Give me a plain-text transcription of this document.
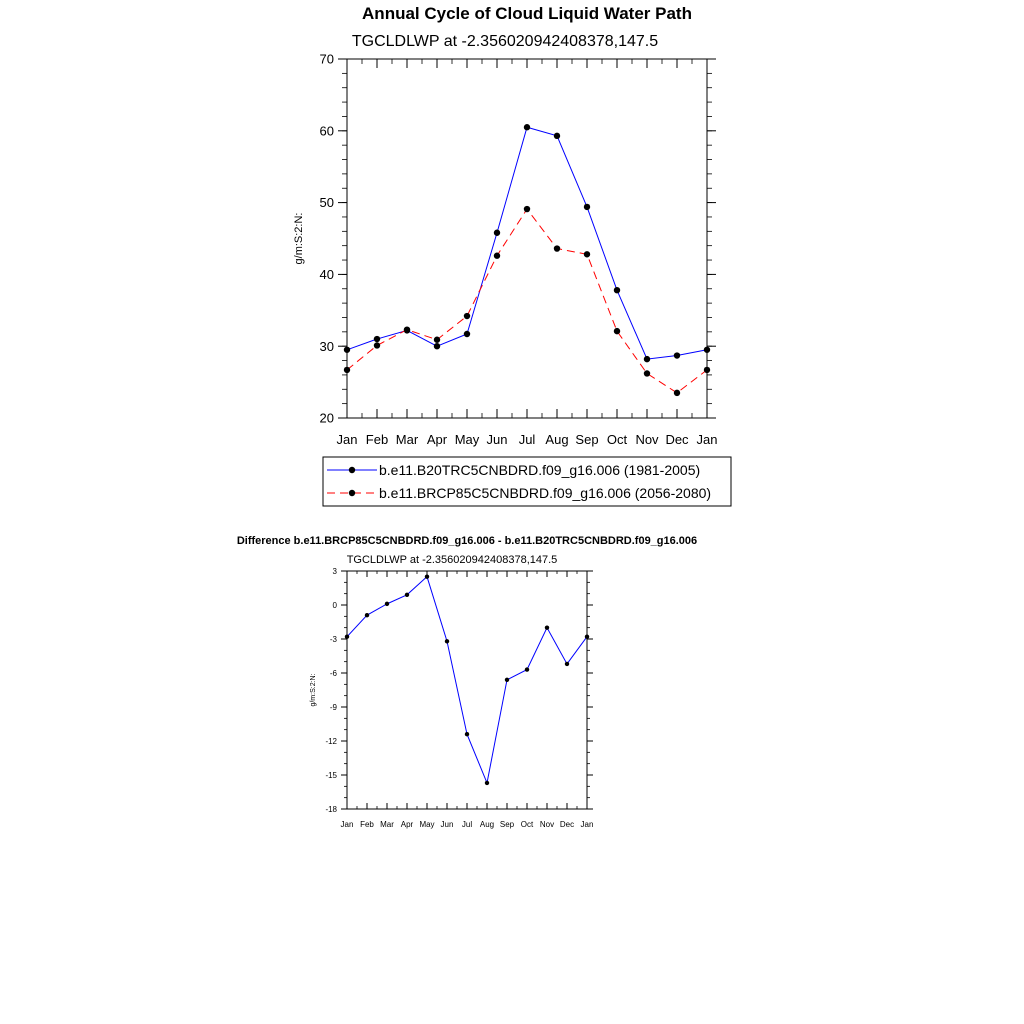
Annual Cycle of Cloud Liquid Water Path
TGCLDLWP at -2.356020942408378,147.5
Difference b.e11.BRCP85C5CNBDRD.f09_g16.006 - b.e11.B20TRC5CNBDRD.f09_g16.006
TGCLDLWP at -2.356020942408378,147.5
Jan Feb Mar Apr May Jun Jul Aug Sep Oct Nov Dec Jan
20
30
40
50
60
70
g/m:S:2:N:
b.e11.B20TRC5CNBDRD.f09_g16.006 (1981-2005)
b.e11.BRCP85C5CNBDRD.f09_g16.006 (2056-2080)
Jan Feb Mar Apr May Jun Jul Aug Sep Oct Nov Dec Jan
-18
-15
-12
-9
-6
-3
0
3
g/m:S:2:N:
